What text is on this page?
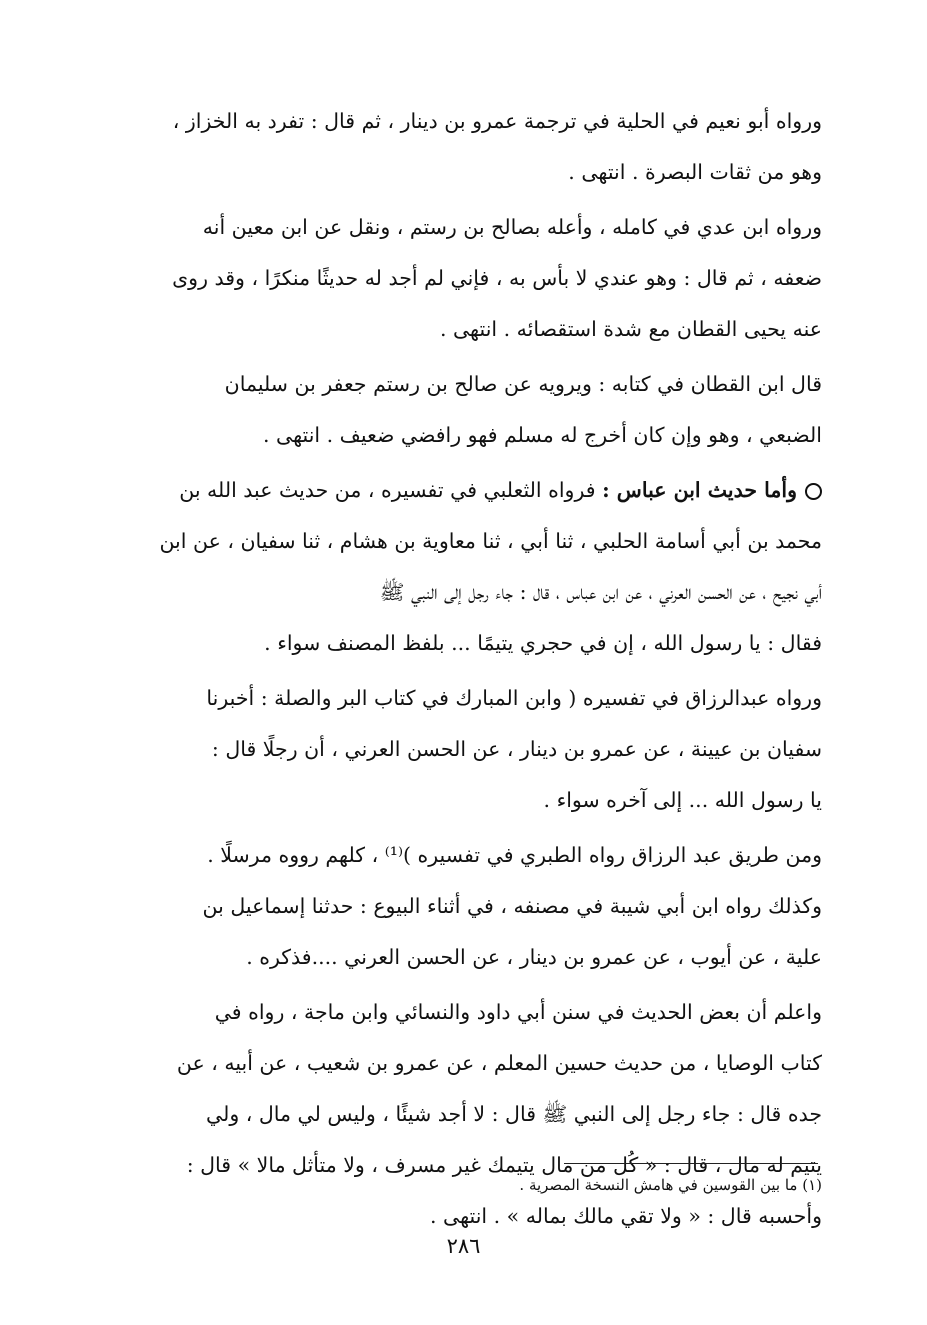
ورواه أبو نعيم في الحلية في ترجمة عمرو بن دينار ، ثم قال : تفرد به الخزاز ،
وهو من ثقات البصرة . انتهى .
ورواه ابن عدي في كامله ، وأعله بصالح بن رستم ، ونقل عن ابن معين أنه
ضعفه ، ثم قال : وهو عندي لا بأس به ، فإني لم أجد له حديثًا منكرًا ، وقد روى
عنه يحيى القطان مع شدة استقصائه . انتهى .
قال ابن القطان في كتابه : ويرويه عن صالح بن رستم جعفر بن سليمان
الضبعي ، وهو وإن كان أخرج له مسلم فهو رافضي ضعيف . انتهى .
وأما حديث ابن عباس : فرواه الثعلبي في تفسيره ، من حديث عبد الله بن
محمد بن أبي أسامة الحلبي ، ثنا أبي ، ثنا معاوية بن هشام ، ثنا سفيان ، عن ابن
أبي نجيح ، عن الحسن العرني ، عن ابن عباس ، قال : جاء رجل إلى النبي ﷺ
فقال : يا رسول الله ، إن في حجري يتيمًا ... بلفظ المصنف سواء .
ورواه عبدالرزاق في تفسيره ( وابن المبارك في كتاب البر والصلة : أخبرنا
سفيان بن عيينة ، عن عمرو بن دينار ، عن الحسن العرني ، أن رجلًا قال :
يا رسول الله ... إلى آخره سواء .
ومن طريق عبد الرزاق رواه الطبري في تفسيره )⁽¹⁾ ، كلهم رووه مرسلًا .
وكذلك رواه ابن أبي شيبة في مصنفه ، في أثناء البيوع : حدثنا إسماعيل بن
علية ، عن أيوب ، عن عمرو بن دينار ، عن الحسن العرني ....فذكره .
واعلم أن بعض الحديث في سنن أبي داود والنسائي وابن ماجة ، رواه في
كتاب الوصايا ، من حديث حسين المعلم ، عن عمرو بن شعيب ، عن أبيه ، عن
جده قال : جاء رجل إلى النبي ﷺ قال : لا أجد شيئًا ، وليس لي مال ، ولي
يتيم له مال ، قال : « كُل من مال يتيمك غير مسرف ، ولا متأثل مالا » قال :
وأحسبه قال : « ولا تقي مالك بماله » . انتهى .
(١) ما بين القوسين في هامش النسخة المصرية .
٢٨٦
